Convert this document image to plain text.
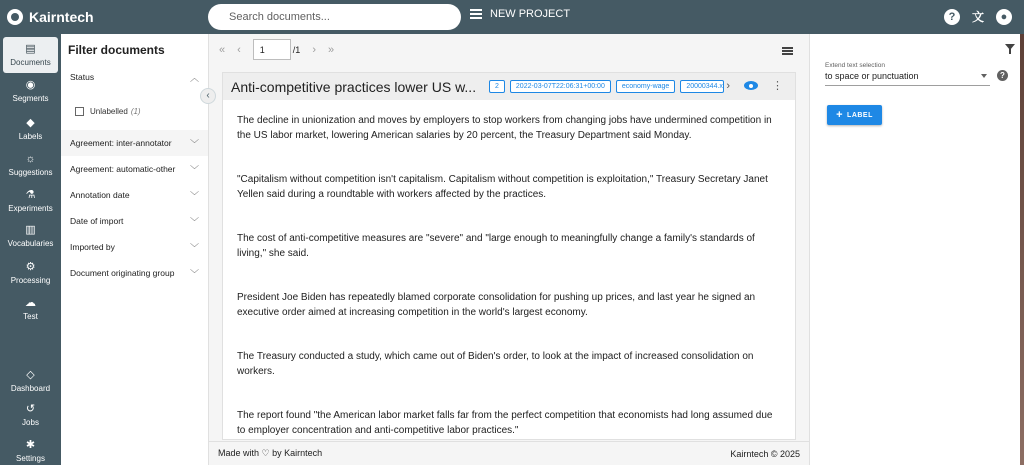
Kairntech
Search documents...	NEW PROJECT	?	文	●
▤
Documents
◉
Segments
◆
Labels
☼
Suggestions
⚗
Experiments
▥
Vocabularies
⚙
Processing
☁
Test
◇
Dashboard
↺
Jobs
✱
Settings
Filter documents
Status	︿
Unlabelled (1)
Agreement: inter-annotator ﹀
Agreement: automatic-other ﹀
Annotation date	﹀
Date of import	﹀
Imported by	﹀
Document originating group ﹀
‹
« ‹
1	/1 › »
Anti-competitive practices lower US w...	2	2022-03-07T22:06:31+00:00	economy-wage	20000344.x ›	⋮

The decline in unionization and moves by employers to stop workers from changing jobs have undermined competition in the US labor market, lowering American salaries by 20 percent, the Treasury Department said Monday.

"Capitalism without competition isn't capitalism. Capitalism without competition is exploitation," Treasury Secretary Janet Yellen said during a roundtable with workers affected by the practices.

The cost of anti-competitive measures are "severe" and "large enough to meaningfully change a family's standards of living," she said.

President Joe Biden has repeatedly blamed corporate consolidation for pushing up prices, and last year he signed an executive order aimed at increasing competition in the world's largest economy.

The Treasury conducted a study, which came out of Biden's order, to look at the impact of increased consolidation on workers.

The report found "the American labor market falls far from the perfect competition that economists had long assumed due to employer concentration and anti-competitive labor practices."

Made with ♡ by Kairntech	Kairntech © 2025
Extend text selection
to space or punctuation	?
+ LABEL
